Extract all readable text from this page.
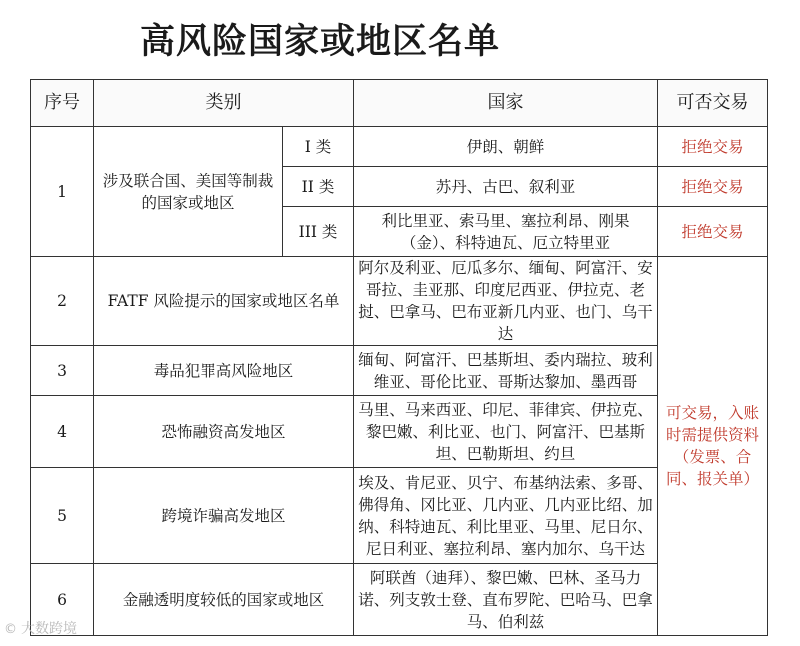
高风险国家或地区名单
序号	类别		国家	可否交易
1	涉及联合国、美国等制裁的国家或地区	I 类	伊朗、朝鲜	拒绝交易
		II 类	苏丹、古巴、叙利亚	拒绝交易
		III 类	利比里亚、索马里、塞拉利昂、刚果（金）、科特迪瓦、厄立特里亚	拒绝交易
2	FATF 风险提示的国家或地区名单		阿尔及利亚、厄瓜多尔、缅甸、阿富汗、安哥拉、圭亚那、印度尼西亚、伊拉克、老挝、巴拿马、巴布亚新几内亚、也门、乌干达	可交易，入账时需提供资料（发票、合同、报关单）
3	毒品犯罪高风险地区		缅甸、阿富汗、巴基斯坦、委内瑞拉、玻利维亚、哥伦比亚、哥斯达黎加、墨西哥	
4	恐怖融资高发地区		马里、马来西亚、印尼、菲律宾、伊拉克、黎巴嫩、利比亚、也门、阿富汗、巴基斯坦、巴勒斯坦、约旦	
5	跨境诈骗高发地区		埃及、肯尼亚、贝宁、布基纳法索、多哥、佛得角、冈比亚、几内亚、几内亚比绍、加纳、科特迪瓦、利比里亚、马里、尼日尔、尼日利亚、塞拉利昂、塞内加尔、乌干达	
6	金融透明度较低的国家或地区		阿联酋（迪拜）、黎巴嫩、巴林、圣马力诺、列支敦士登、直布罗陀、巴哈马、巴拿马、伯利兹	
© 大数跨境
